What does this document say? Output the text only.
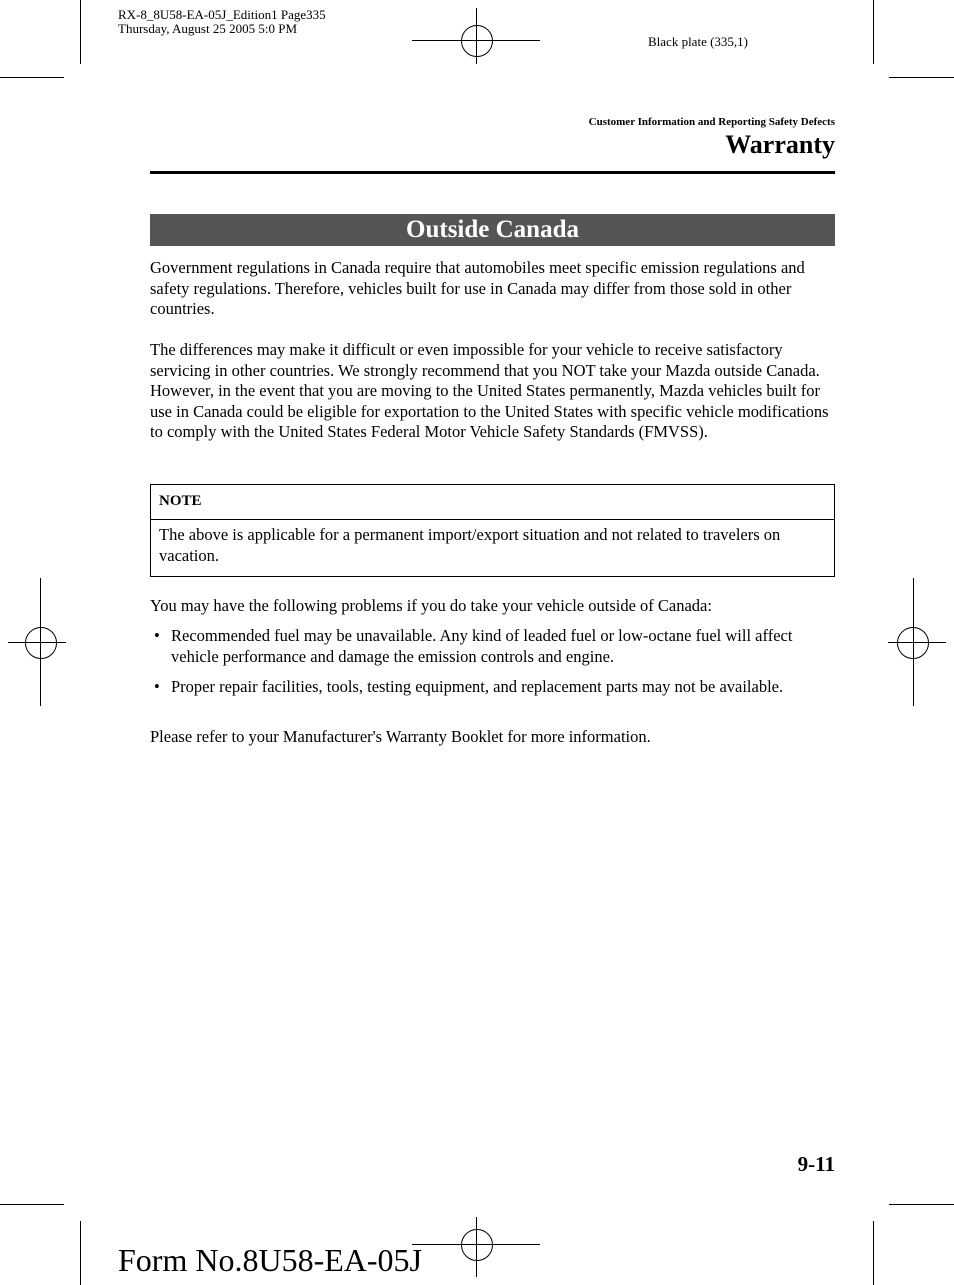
RX-8_8U58-EA-05J_Edition1 Page335
Thursday, August 25 2005 5:0 PM
Black plate (335,1)
Customer Information and Reporting Safety Defects
Warranty
Outside Canada
Government regulations in Canada require that automobiles meet specific emission regulations and safety regulations. Therefore, vehicles built for use in Canada may differ from those sold in other countries.
The differences may make it difficult or even impossible for your vehicle to receive satisfactory servicing in other countries. We strongly recommend that you NOT take your Mazda outside Canada. However, in the event that you are moving to the United States permanently, Mazda vehicles built for use in Canada could be eligible for exportation to the United States with specific vehicle modifications to comply with the United States Federal Motor Vehicle Safety Standards (FMVSS).
NOTE
The above is applicable for a permanent import/export situation and not related to travelers on vacation.
You may have the following problems if you do take your vehicle outside of Canada:
• Recommended fuel may be unavailable. Any kind of leaded fuel or low-octane fuel will affect vehicle performance and damage the emission controls and engine.
• Proper repair facilities, tools, testing equipment, and replacement parts may not be available.
Please refer to your Manufacturer's Warranty Booklet for more information.
9-11
Form No.8U58-EA-05J
